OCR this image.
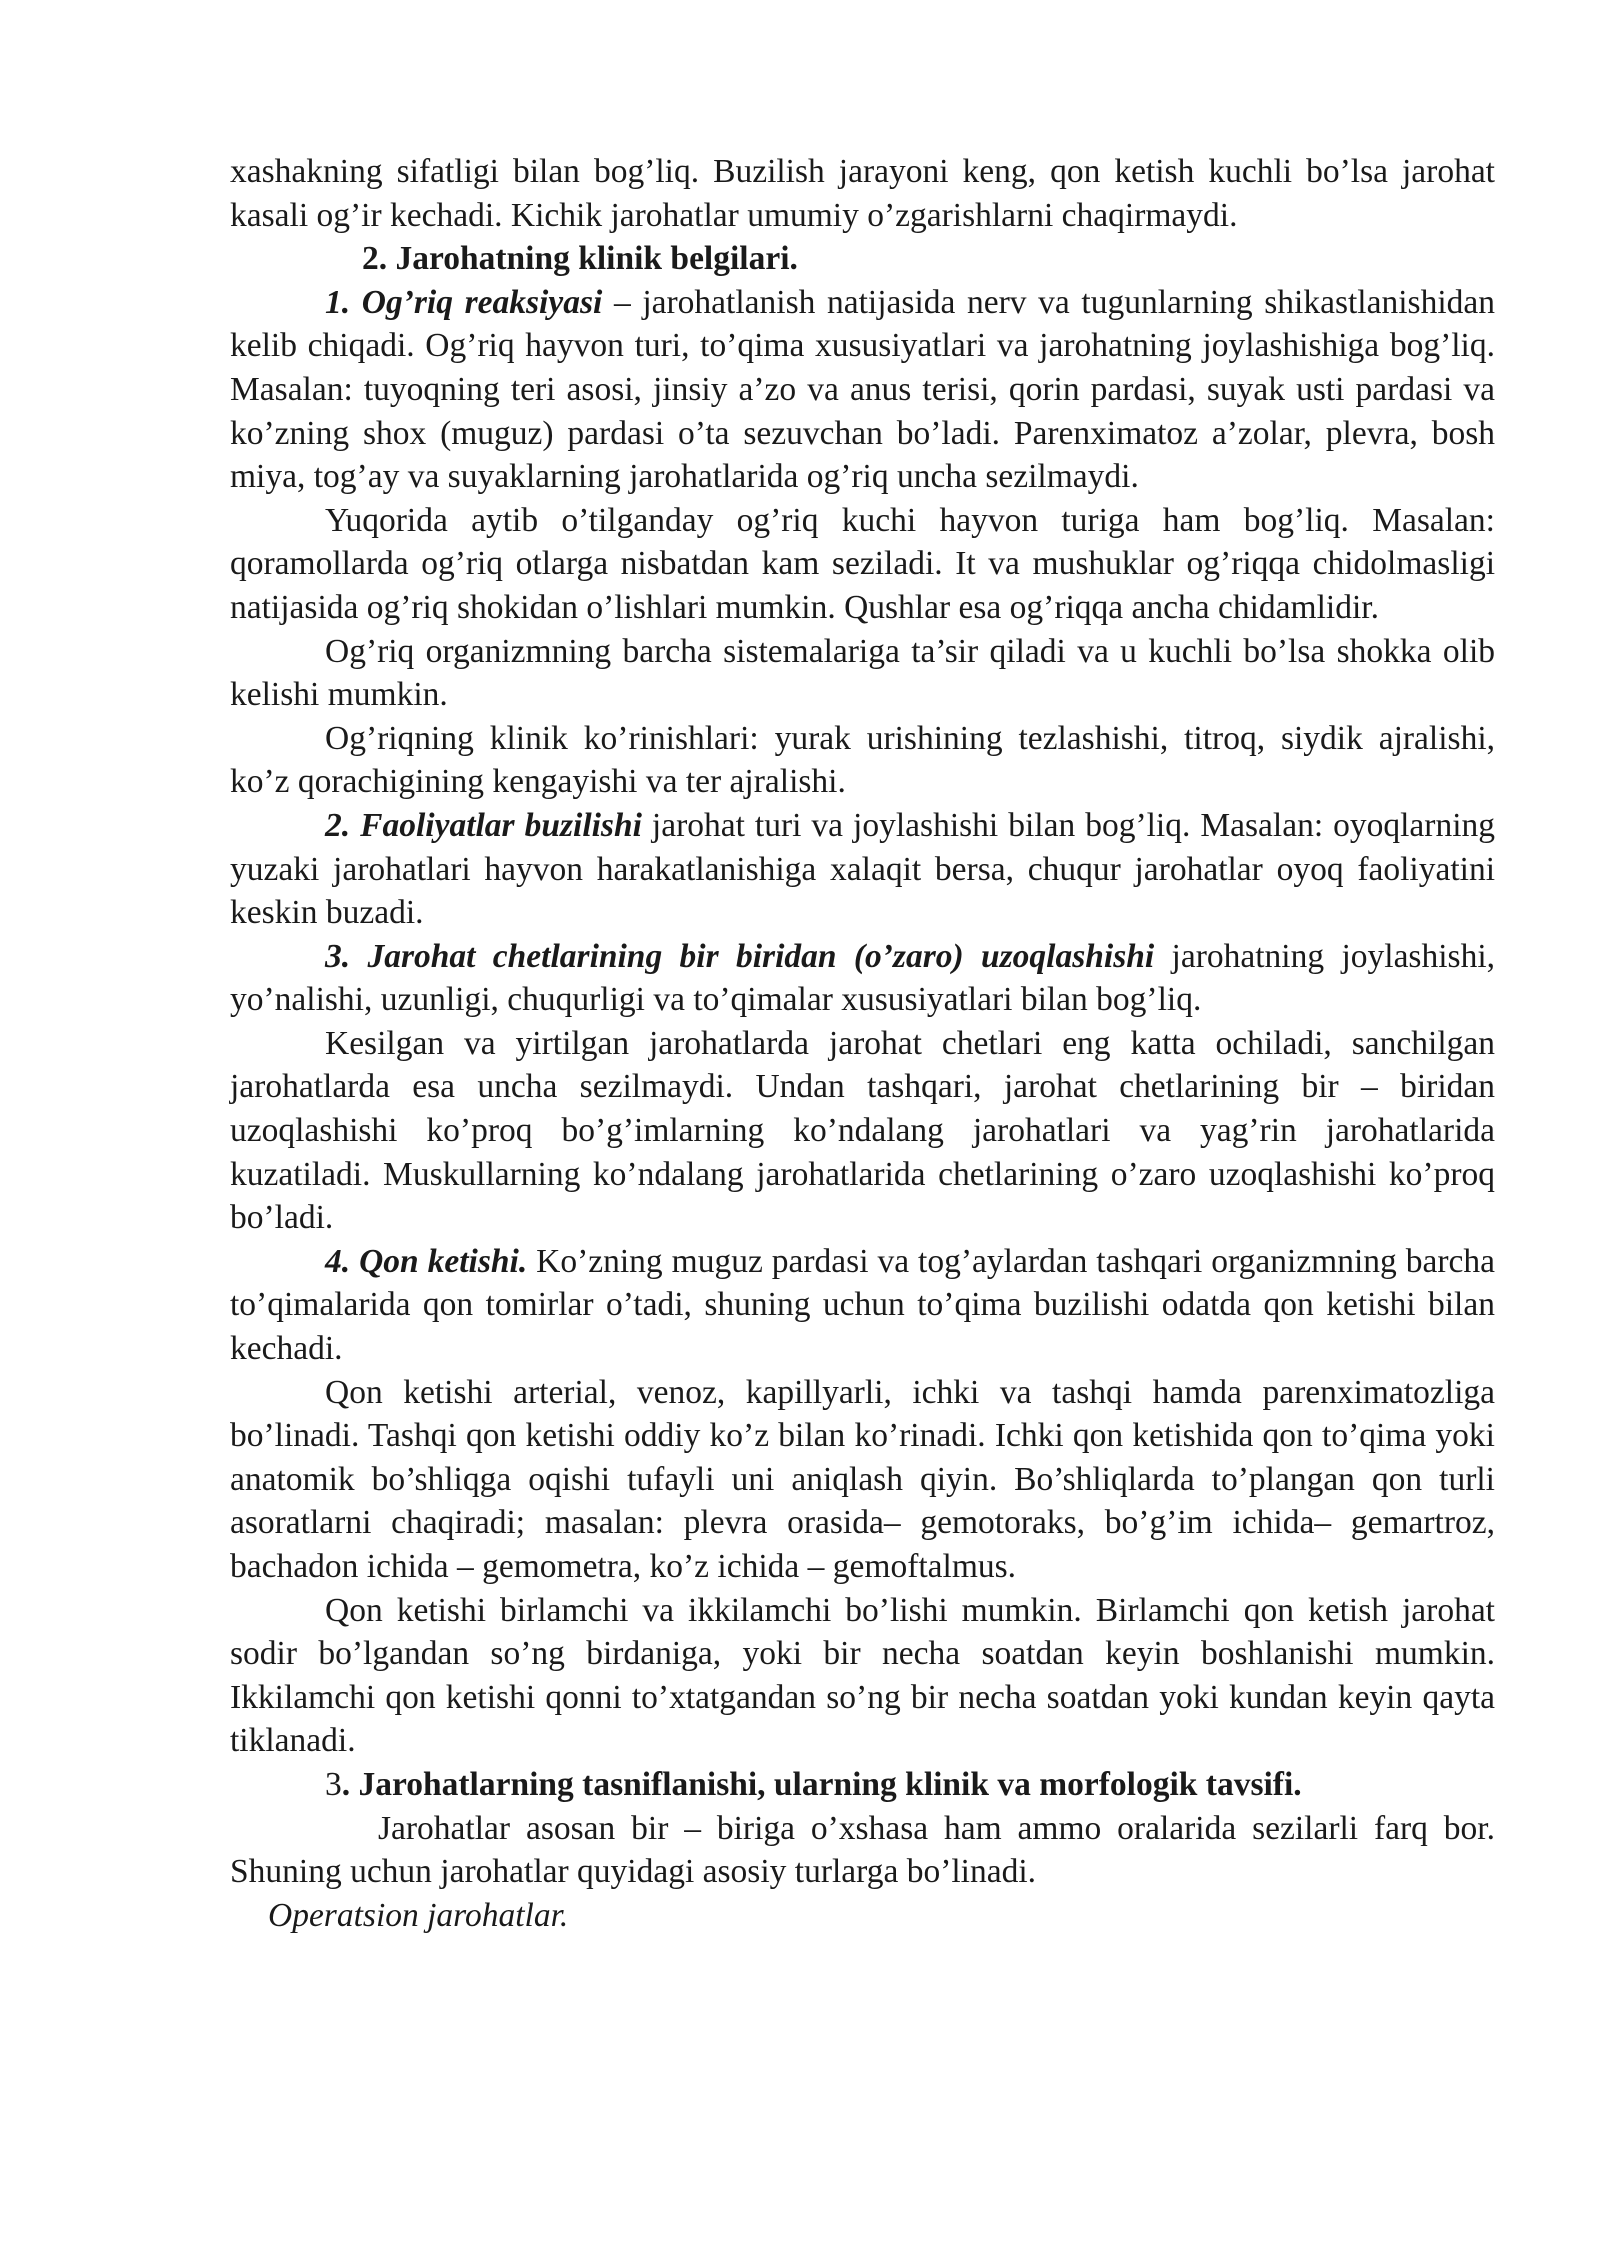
xashakning sifatligi bilan bog’liq. Buzilish jarayoni keng, qon ketish kuchli bo’lsa jarohat kasali og’ir kechadi. Kichik jarohatlar umumiy o’zgarishlarni chaqirmaydi.

2. Jarohatning klinik belgilari.

1. Og’riq reaksiyasi – jarohatlanish natijasida nerv va tugunlarning shikastlanishidan kelib chiqadi. Og’riq hayvon turi, to’qima xususiyatlari va jarohatning joylashishiga bog’liq. Masalan: tuyoqning teri asosi, jinsiy a’zo va anus terisi, qorin pardasi, suyak usti pardasi va ko’zning shox (muguz) pardasi o’ta sezuvchan bo’ladi. Parenximatoz a’zolar, plevra, bosh miya, tog’ay va suyaklarning jarohatlarida og’riq uncha sezilmaydi.

Yuqorida aytib o’tilganday og’riq kuchi hayvon turiga ham bog’liq. Masalan: qoramollarda og’riq otlarga nisbatdan kam seziladi. It va mushuklar og’riqqa chidolmasligi natijasida og’riq shokidan o’lishlari mumkin. Qushlar esa og’riqqa ancha chidamlidir.

Og’riq organizmning barcha sistemalariga ta’sir qiladi va u kuchli bo’lsa shokka olib kelishi mumkin.

Og’riqning klinik ko’rinishlari: yurak urishining tezlashishi, titroq, siydik ajralishi, ko’z qorachigining kengayishi va ter ajralishi.

2. Faoliyatlar buzilishi jarohat turi va joylashishi bilan bog’liq. Masalan: oyoqlarning yuzaki jarohatlari hayvon harakatlanishiga xalaqit bersa, chuqur jarohatlar oyoq faoliyatini keskin buzadi.

3. Jarohat chetlarining bir biridan (o’zaro) uzoqlashishi jarohatning joylashishi, yo’nalishi, uzunligi, chuqurligi va to’qimalar xususiyatlari bilan bog’liq.

Kesilgan va yirtilgan jarohatlarda jarohat chetlari eng katta ochiladi, sanchilgan jarohatlarda esa uncha sezilmaydi. Undan tashqari, jarohat chetlarining bir – biridan uzoqlashishi ko’proq bo’g’imlarning ko’ndalang jarohatlari va yag’rin jarohatlarida kuzatiladi. Muskullarning ko’ndalang jarohatlarida chetlarining o’zaro uzoqlashishi ko’proq bo’ladi.

4. Qon ketishi. Ko’zning muguz pardasi va tog’aylardan tashqari organizmning barcha to’qimalarida qon tomirlar o’tadi, shuning uchun to’qima buzilishi odatda qon ketishi bilan kechadi.

Qon ketishi arterial, venoz, kapillyarli, ichki va tashqi hamda parenximatozliga bo’linadi. Tashqi qon ketishi oddiy ko’z bilan ko’rinadi. Ichki qon ketishida qon to’qima yoki anatomik bo’shliqga oqishi tufayli uni aniqlash qiyin. Bo’shliqlarda to’plangan qon turli asoratlarni chaqiradi; masalan: plevra orasida– gemotoraks, bo’g’im ichida– gemartroz, bachadon ichida – gemometra, ko’z ichida – gemoftalmus.

Qon ketishi birlamchi va ikkilamchi bo’lishi mumkin. Birlamchi qon ketish jarohat sodir bo’lgandan so’ng birdaniga, yoki bir necha soatdan keyin boshlanishi mumkin. Ikkilamchi qon ketishi qonni to’xtatgandan so’ng bir necha soatdan yoki kundan keyin qayta tiklanadi.

3. Jarohatlarning tasniflanishi, ularning klinik va morfologik tavsifi.

Jarohatlar asosan bir – biriga o’xshasa ham ammo oralarida sezilarli farq bor. Shuning uchun jarohatlar quyidagi asosiy turlarga bo’linadi.

Operatsion jarohatlar.
